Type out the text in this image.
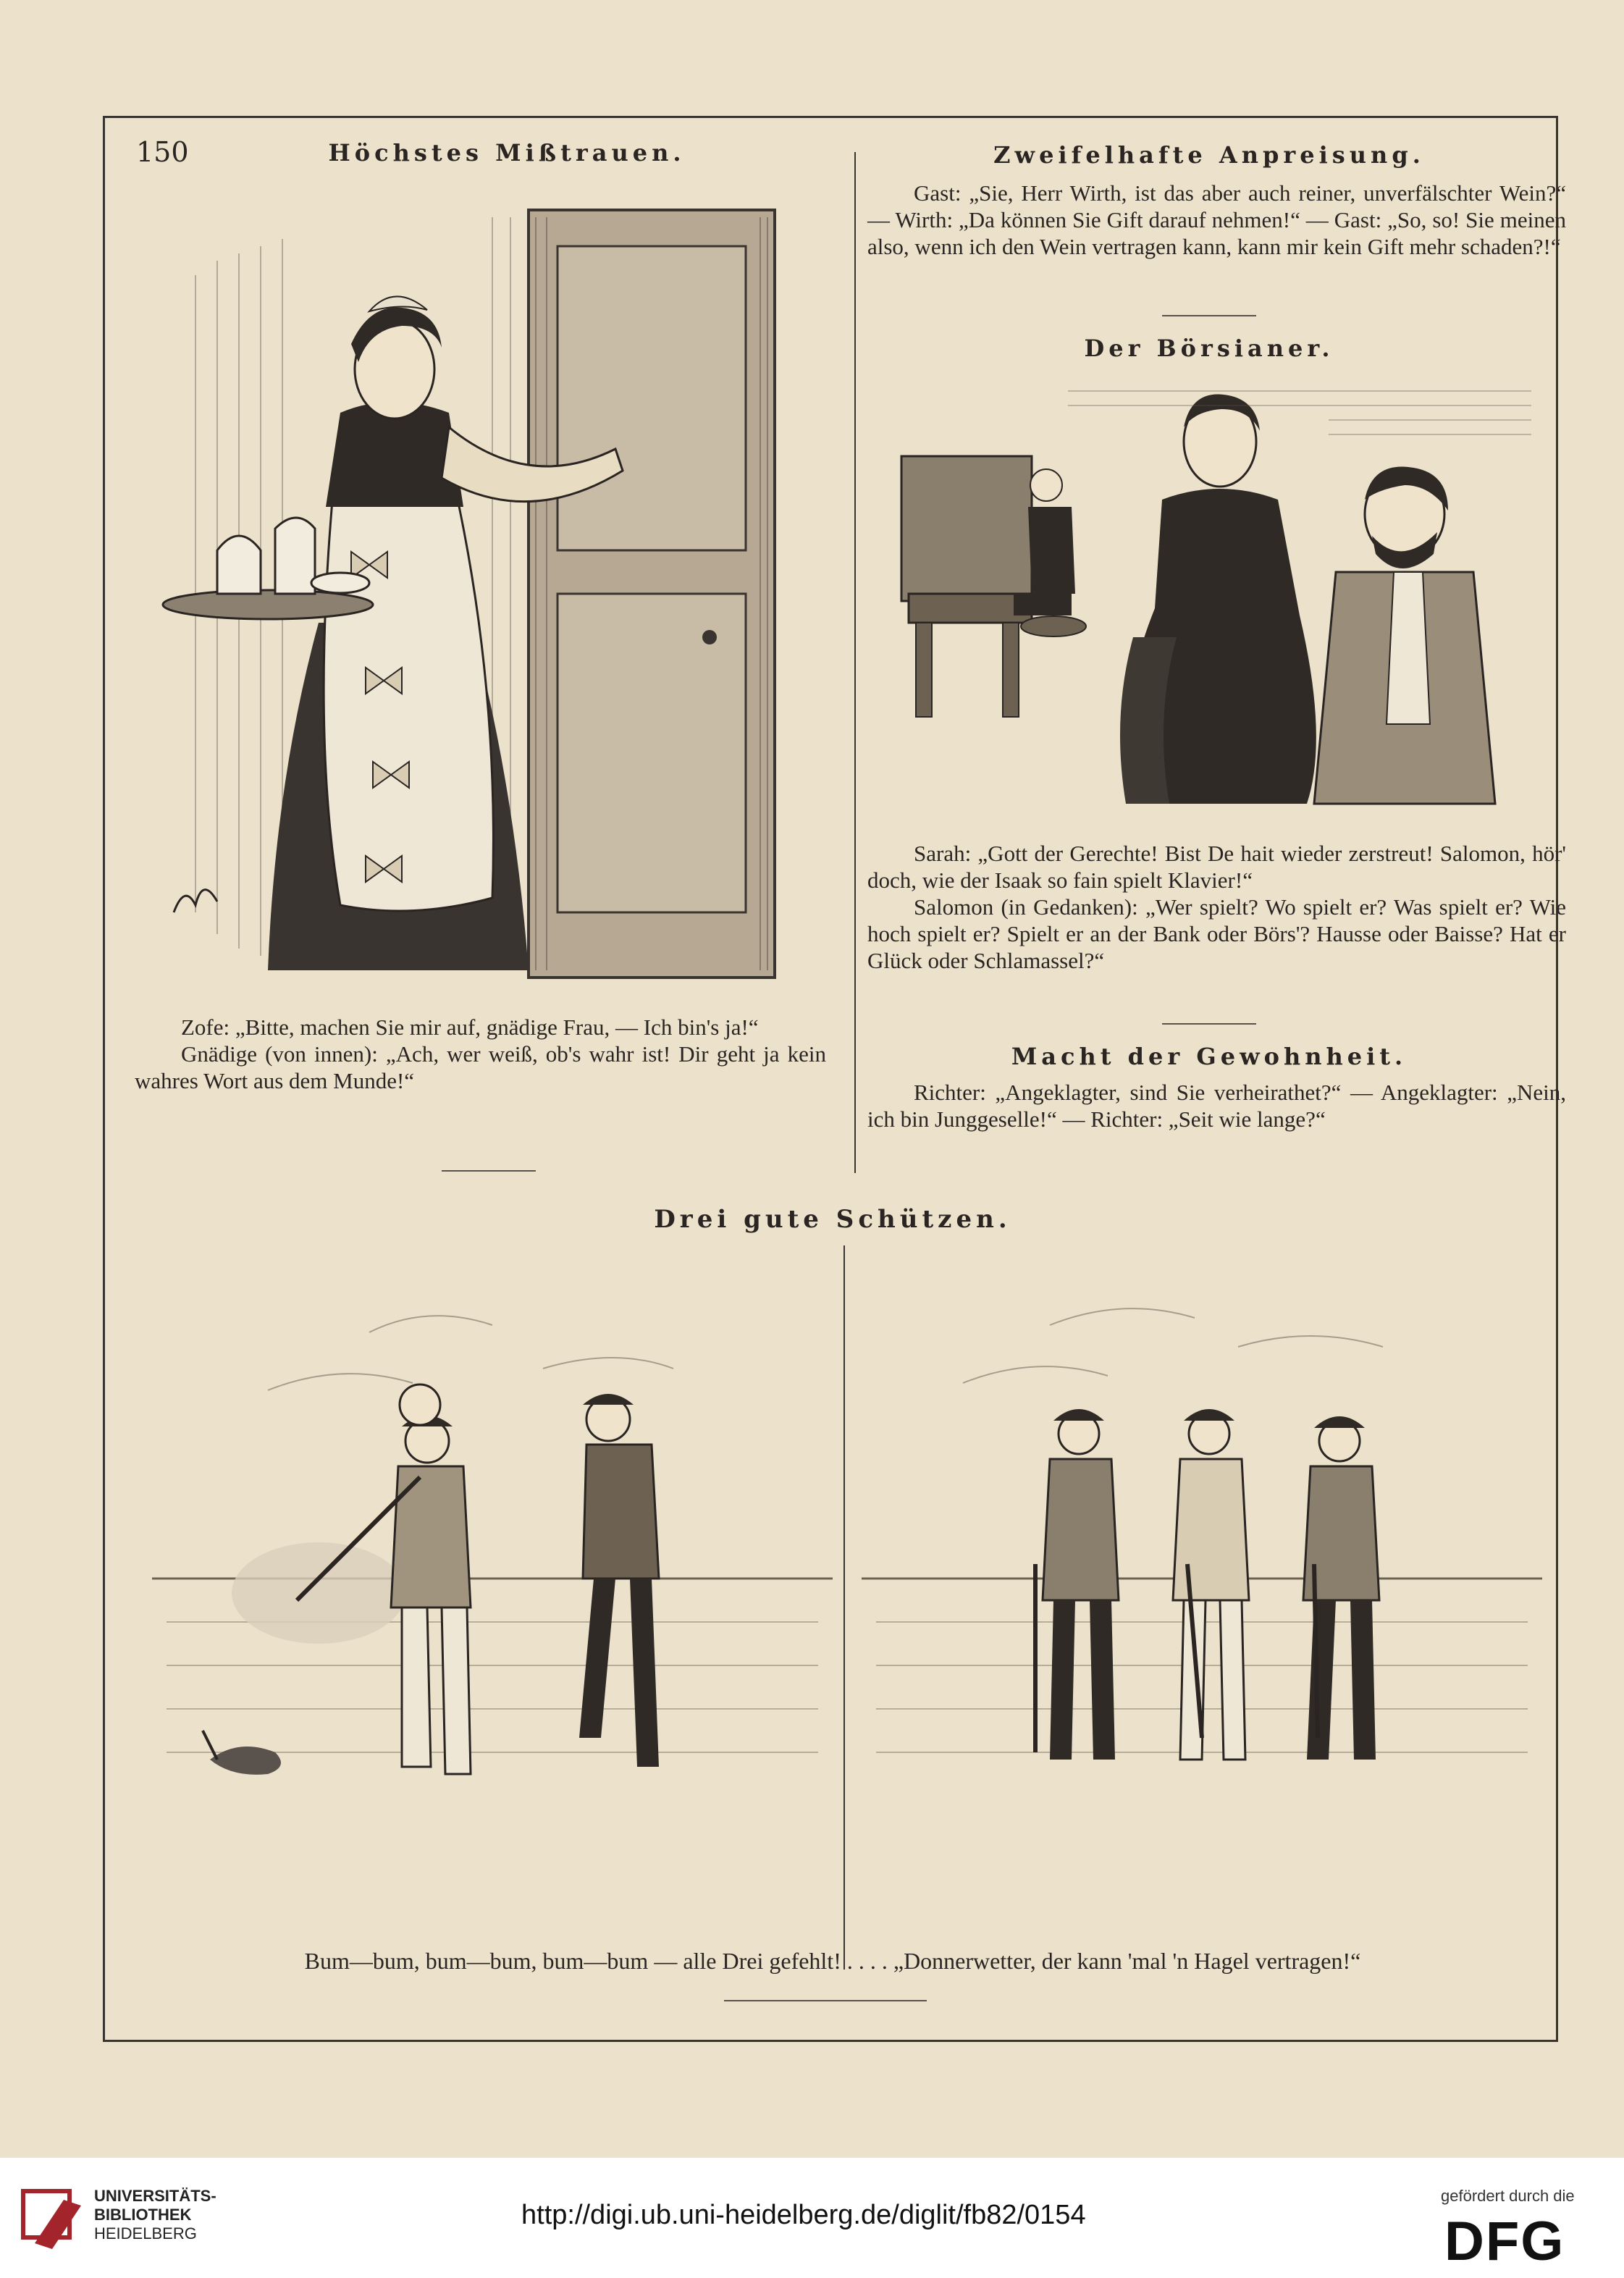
150	Höchstes Mißtrauen.

Zofe: „Bitte, machen Sie mir auf, gnädige Frau, — Ich bin's ja!“

Gnädige (von innen): „Ach, wer weiß, ob's wahr ist! Dir geht ja kein wahres Wort aus dem Munde!“

Zweifelhafte Anpreisung.

Gast: „Sie, Herr Wirth, ist das aber auch reiner, unverfälschter Wein?“ — Wirth: „Da können Sie Gift darauf nehmen!“ — Gast: „So, so! Sie meinen also, wenn ich den Wein vertragen kann, kann mir kein Gift mehr schaden?!“

Der Börsianer.

Sarah: „Gott der Gerechte! Bist De hait wieder zerstreut! Salomon, hör' doch, wie der Isaak so fain spielt Klavier!“

Salomon (in Gedanken): „Wer spielt? Wo spielt er? Was spielt er? Wie hoch spielt er? Spielt er an der Bank oder Börs'? Hausse oder Baisse? Hat er Glück oder Schlamassel?“

Macht der Gewohnheit.

Richter: „Angeklagter, sind Sie verheirathet?“ — Angeklagter: „Nein, ich bin Junggeselle!“ — Richter: „Seit wie lange?“

Drei gute Schützen.
Bum—bum, bum—bum, bum—bum — alle Drei gefehlt! . . . . „Donnerwetter, der kann 'mal 'n Hagel vertragen!“
UNIVERSITÄTS-
BIBLIOTHEK
HEIDELBERG
http://digi.ub.uni-heidelberg.de/diglit/fb82/0154
gefördert durch die
DFG
